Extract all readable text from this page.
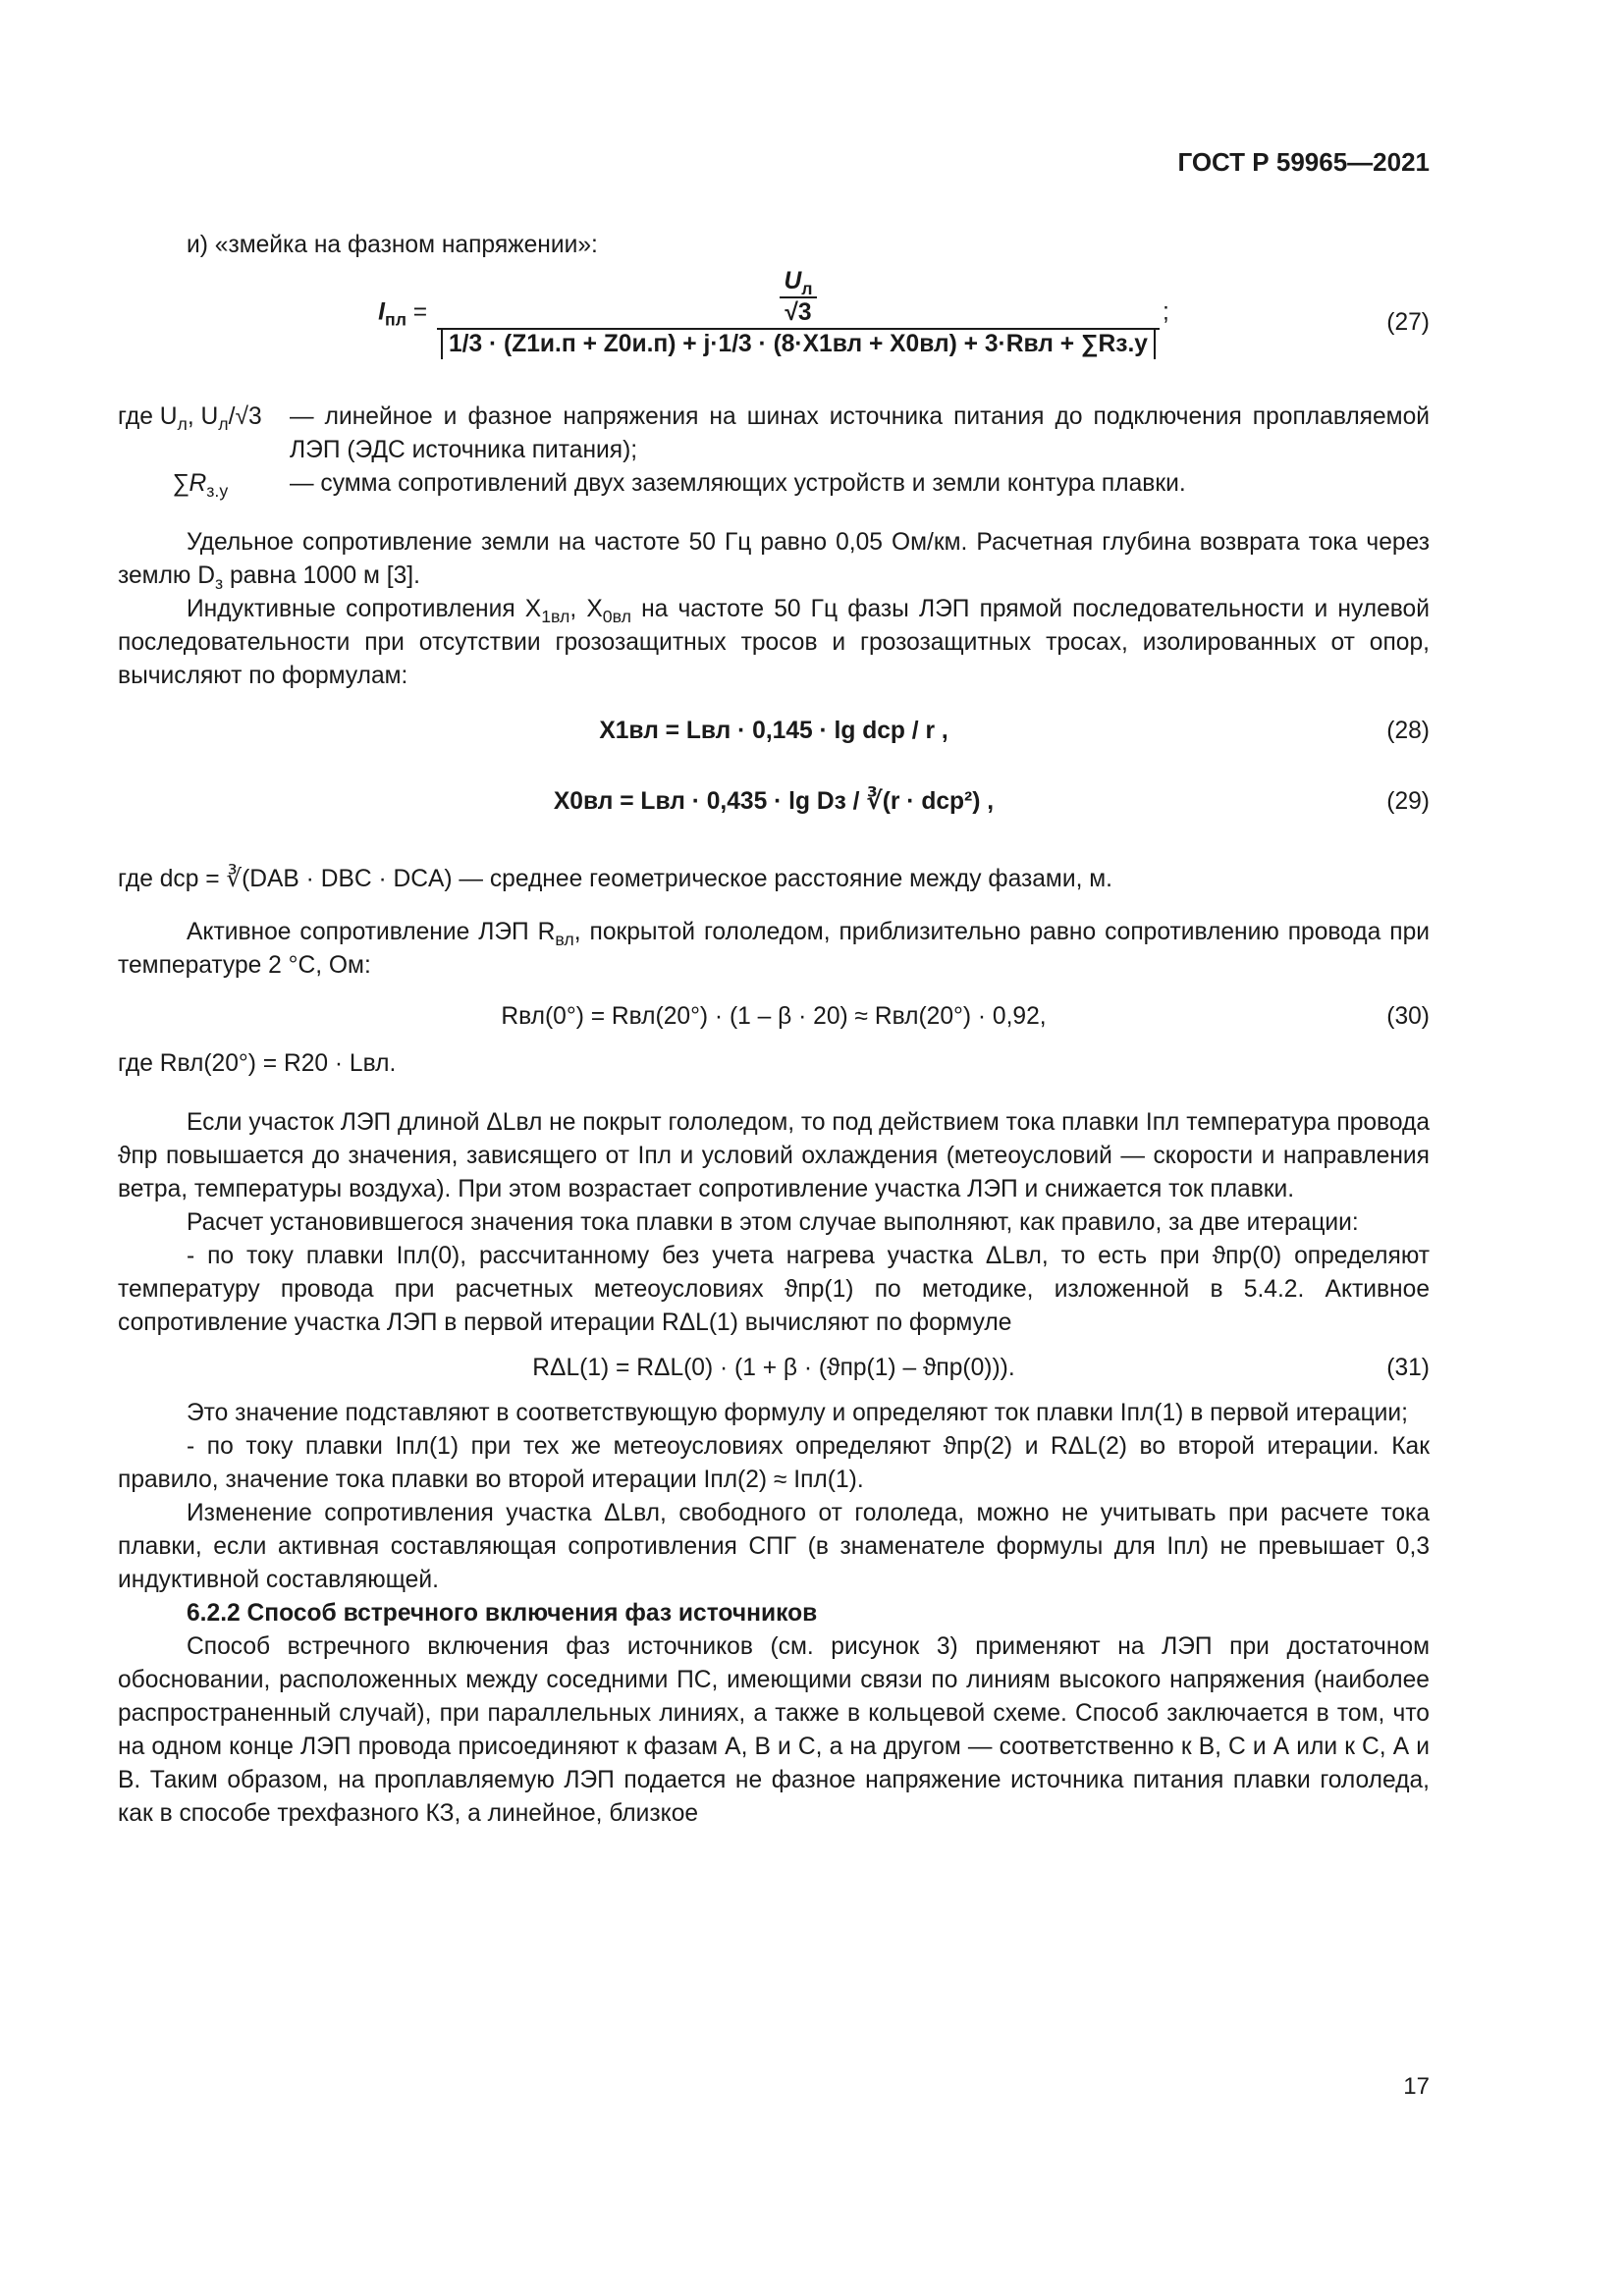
ГОСТ Р 59965—2021

и) «змейка на фазном напряжении»:

$I_{пл}$ =	$\frac{U_л}{√3}$
1/3 · (Z1и.п + Z0и.п) + j·1/3 · (8·X1вл + X0вл) + 3·Rвл + ∑Rз.у
;	(27)
где $U_л$, $U_л/√3$ — линейное и фазное напряжения на шинах источника питания до подключения проплавляемой ЛЭП (ЭДС источника питания);
$\sum R_{з.у}$	— сумма сопротивлений двух заземляющих устройств и земли контура плавки.

Удельное сопротивление земли на частоте 50 Гц равно 0,05 Ом/км. Расчетная глубина возврата тока через землю $D_з$ равна 1000 м [3].

Индуктивные сопротивления $X_{1вл}$, $X_{0вл}$ на частоте 50 Гц фазы ЛЭП прямой последовательности и нулевой последовательности при отсутствии грозозащитных тросов и грозозащитных тросах, изолированных от опор, вычисляют по формулам:

X1вл = Lвл · 0,145 · lg dср / r ,	(28)
X0вл = Lвл · 0,435 · lg Dз / ∛(r · dср²) ,	(29)

где dср = ∛(DAB · DBC · DCA) — среднее геометрическое расстояние между фазами, м.

Активное сопротивление ЛЭП $R_{вл}$, покрытой гололедом, приблизительно равно сопротивлению провода при температуре 2 °C, Ом:

Rвл(0°) = Rвл(20°) · (1 – β · 20) ≈ Rвл(20°) · 0,92,	(30)

где Rвл(20°) = R20 · Lвл.

Если участок ЛЭП длиной ΔLвл не покрыт гололедом, то под действием тока плавки Iпл температура провода ϑпр повышается до значения, зависящего от Iпл и условий охлаждения (метеоусловий — скорости и направления ветра, температуры воздуха). При этом возрастает сопротивление участка ЛЭП и снижается ток плавки.

Расчет установившегося значения тока плавки в этом случае выполняют, как правило, за две итерации:

- по току плавки Iпл(0), рассчитанному без учета нагрева участка ΔLвл, то есть при ϑпр(0) определяют температуру провода при расчетных метеоусловиях ϑпр(1) по методике, изложенной в 5.4.2. Активное сопротивление участка ЛЭП в первой итерации RΔL(1) вычисляют по формуле

RΔL(1) = RΔL(0) · (1 + β · (ϑпр(1) – ϑпр(0))).	(31)

Это значение подставляют в соответствующую формулу и определяют ток плавки Iпл(1) в первой итерации;

- по току плавки Iпл(1) при тех же метеоусловиях определяют ϑпр(2) и RΔL(2) во второй итерации. Как правило, значение тока плавки во второй итерации Iпл(2) ≈ Iпл(1).

Изменение сопротивления участка ΔLвл, свободного от гололеда, можно не учитывать при расчете тока плавки, если активная составляющая сопротивления СПГ (в знаменателе формулы для Iпл) не превышает 0,3 индуктивной составляющей.

6.2.2 Способ встречного включения фаз источников

Способ встречного включения фаз источников (см. рисунок 3) применяют на ЛЭП при достаточном обосновании, расположенных между соседними ПС, имеющими связи по линиям высокого напряжения (наиболее распространенный случай), при параллельных линиях, а также в кольцевой схеме. Способ заключается в том, что на одном конце ЛЭП провода присоединяют к фазам А, В и С, а на другом — соответственно к В, С и А или к С, А и В. Таким образом, на проплавляемую ЛЭП подается не фазное напряжение источника питания плавки гололеда, как в способе трехфазного КЗ, а линейное, близкое

17
